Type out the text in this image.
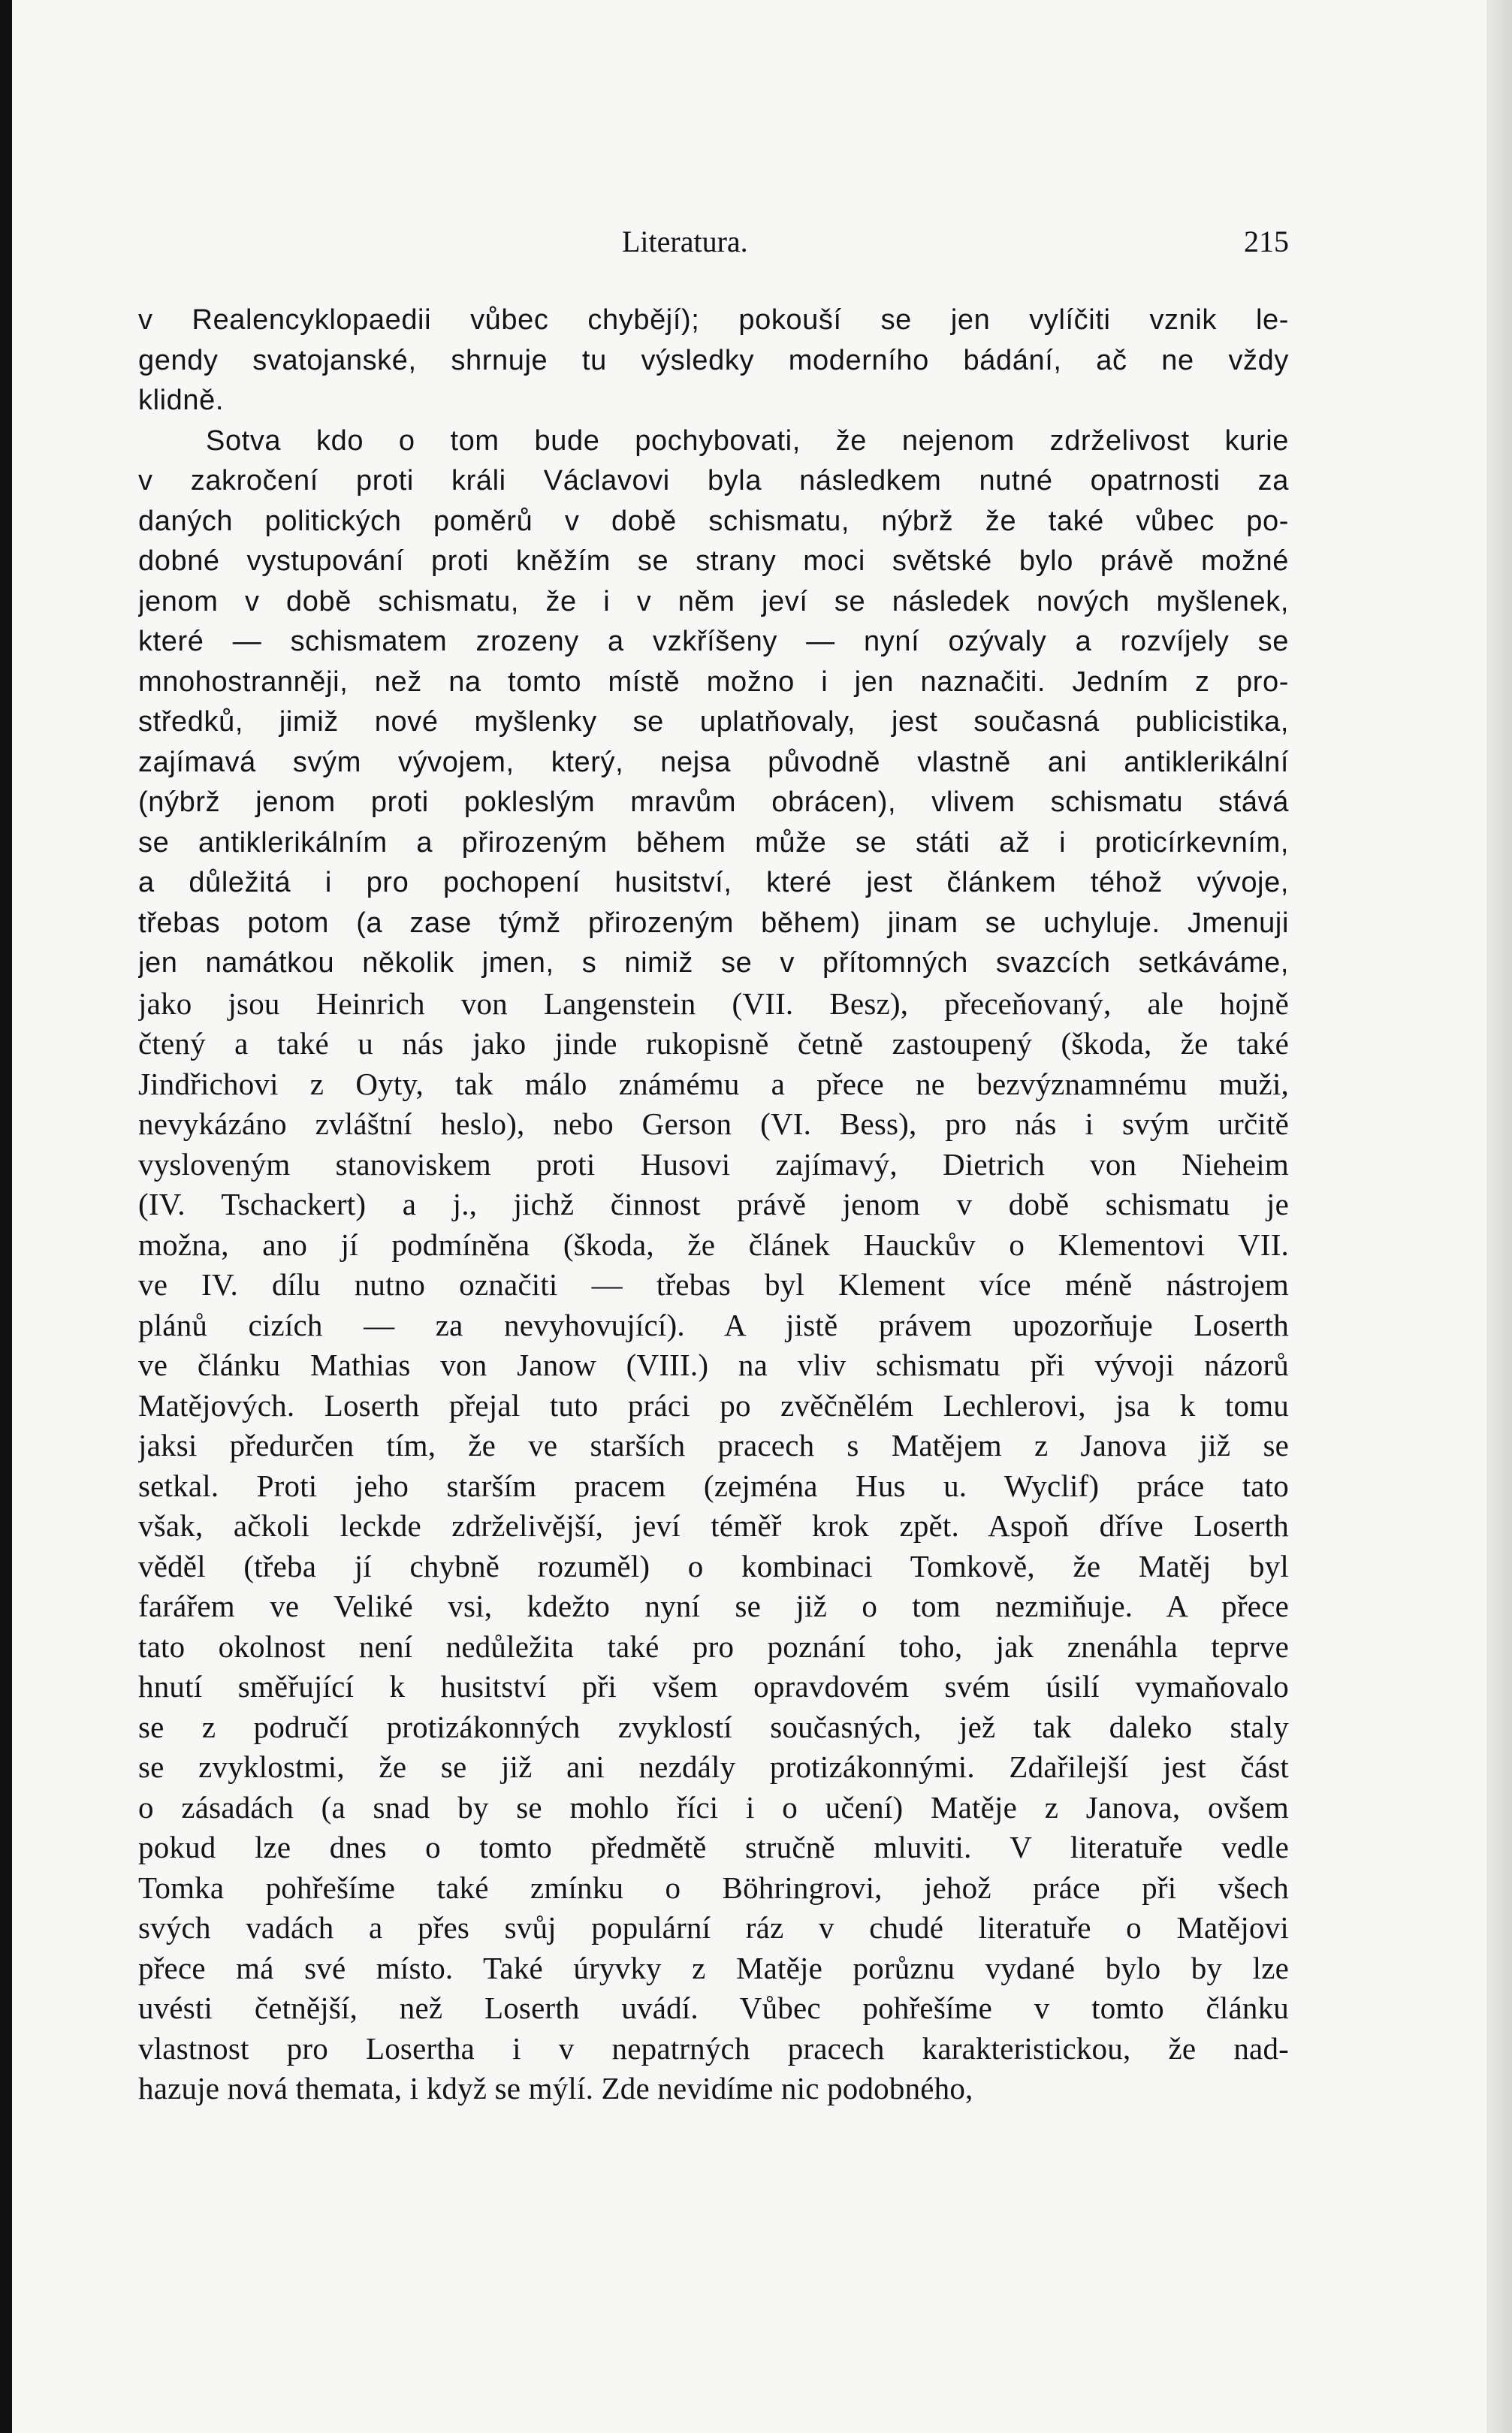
Literatura.	215
v Realencyklopaedii vůbec chybějí); pokouší se jen vylíčiti vznik le-
gendy svatojanské, shrnuje tu výsledky moderního bádání, ač ne vždy
klidně.
Sotva kdo o tom bude pochybovati, že nejenom zdrželivost kurie
v zakročení proti králi Václavovi byla následkem nutné opatrnosti za
daných politických poměrů v době schismatu, nýbrž že také vůbec po-
dobné vystupování proti kněžím se strany moci světské bylo právě možné
jenom v době schismatu, že i v něm jeví se následek nových myšlenek,
které — schismatem zrozeny a vzkříšeny — nyní ozývaly a rozvíjely se
mnohostranněji, než na tomto místě možno i jen naznačiti. Jedním z pro-
středků, jimiž nové myšlenky se uplatňovaly, jest současná publicistika,
zajímavá svým vývojem, který, nejsa původně vlastně ani antiklerikální
(nýbrž jenom proti pokleslým mravům obrácen), vlivem schismatu stává
se antiklerikálním a přirozeným během může se státi až i proticírkevním,
a důležitá i pro pochopení husitství, které jest článkem téhož vývoje,
třebas potom (a zase týmž přirozeným během) jinam se uchyluje. Jmenuji
jen namátkou několik jmen, s nimiž se v přítomných svazcích setkáváme,
jako jsou Heinrich von Langenstein (VII. Besz), přeceňovaný, ale hojně
čtený a také u nás jako jinde rukopisně četně zastoupený (škoda, že také
Jindřichovi z Oyty, tak málo známému a přece ne bezvýznamnému muži,
nevykázáno zvláštní heslo), nebo Gerson (VI. Bess), pro nás i svým určitě
vysloveným stanoviskem proti Husovi zajímavý, Dietrich von Nieheim
(IV. Tschackert) a j., jichž činnost právě jenom v době schismatu je
možna, ano jí podmíněna (škoda, že článek Hauckův o Klementovi VII.
ve IV. dílu nutno označiti — třebas byl Klement více méně nástrojem
plánů cizích — za nevyhovující). A jistě právem upozorňuje Loserth
ve článku Mathias von Janow (VIII.) na vliv schismatu při vývoji názorů
Matějových. Loserth přejal tuto práci po zvěčnělém Lechlerovi, jsa k tomu
jaksi předurčen tím, že ve starších pracech s Matějem z Janova již se
setkal. Proti jeho starším pracem (zejména Hus u. Wyclif) práce tato
však, ačkoli leckde zdrželivější, jeví téměř krok zpět. Aspoň dříve Loserth
věděl (třeba jí chybně rozuměl) o kombinaci Tomkově, že Matěj byl
farářem ve Veliké vsi, kdežto nyní se již o tom nezmiňuje. A přece
tato okolnost není nedůležita také pro poznání toho, jak znenáhla teprve
hnutí směřující k husitství při všem opravdovém svém úsilí vymaňovalo
se z područí protizákonných zvyklostí současných, jež tak daleko staly
se zvyklostmi, že se již ani nezdály protizákonnými. Zdařilejší jest část
o zásadách (a snad by se mohlo říci i o učení) Matěje z Janova, ovšem
pokud lze dnes o tomto předmětě stručně mluviti. V literatuře vedle
Tomka pohřešíme také zmínku o Böhringrovi, jehož práce při všech
svých vadách a přes svůj populární ráz v chudé literatuře o Matějovi
přece má své místo. Také úryvky z Matěje porůznu vydané bylo by lze
uvésti četnější, než Loserth uvádí. Vůbec pohřešíme v tomto článku
vlastnost pro Losertha i v nepatrných pracech karakteristickou, že nad-
hazuje nová themata, i když se mýlí. Zde nevidíme nic podobného,
